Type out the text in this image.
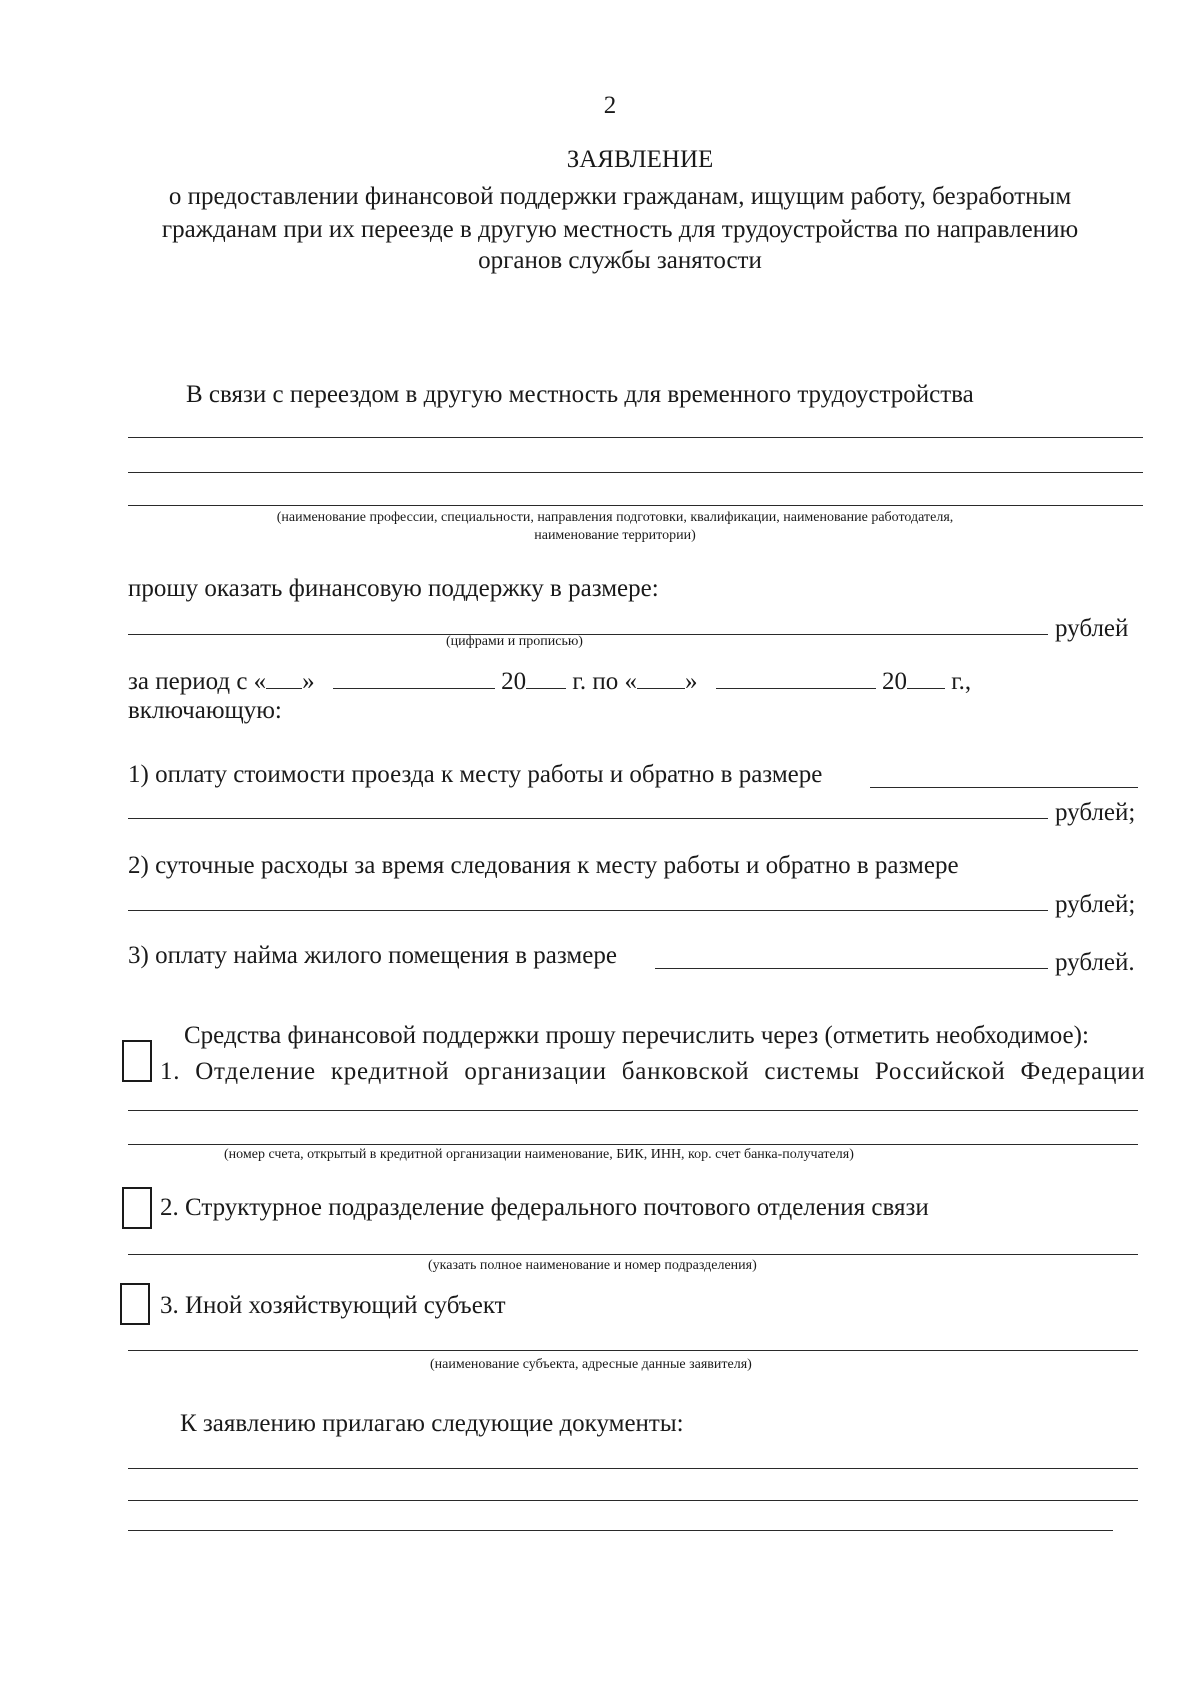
2
ЗАЯВЛЕНИЕ
о предоставлении финансовой поддержки гражданам, ищущим работу, безработным
гражданам при их переезде в другую местность для трудоустройства по направлению
органов службы занятости
В связи с переездом в другую местность для временного трудоустройства
(наименование профессии, специальности, направления подготовки, квалификации, наименование работодателя,
наименование территории)
прошу оказать финансовую поддержку в размере:
(цифрами и прописью)	рублей
за период с « »	20 г. по « »	20 г.,
включающую:
1) оплату стоимости проезда к месту работы и обратно в размере
рублей;
2) суточные расходы за время следования к месту работы и обратно в размере
рублей;
3) оплату найма жилого помещения в размере	рублей.
Средства финансовой поддержки прошу перечислить через (отметить необходимое):
1. Отделение кредитной организации банковской системы Российской Федерации
(номер счета, открытый в кредитной организации наименование, БИК, ИНН, кор. счет банка-получателя)
2. Структурное подразделение федерального почтового отделения связи
(указать полное наименование и номер подразделения)
3. Иной хозяйствующий субъект
(наименование субъекта, адресные данные заявителя)
К заявлению прилагаю следующие документы:
